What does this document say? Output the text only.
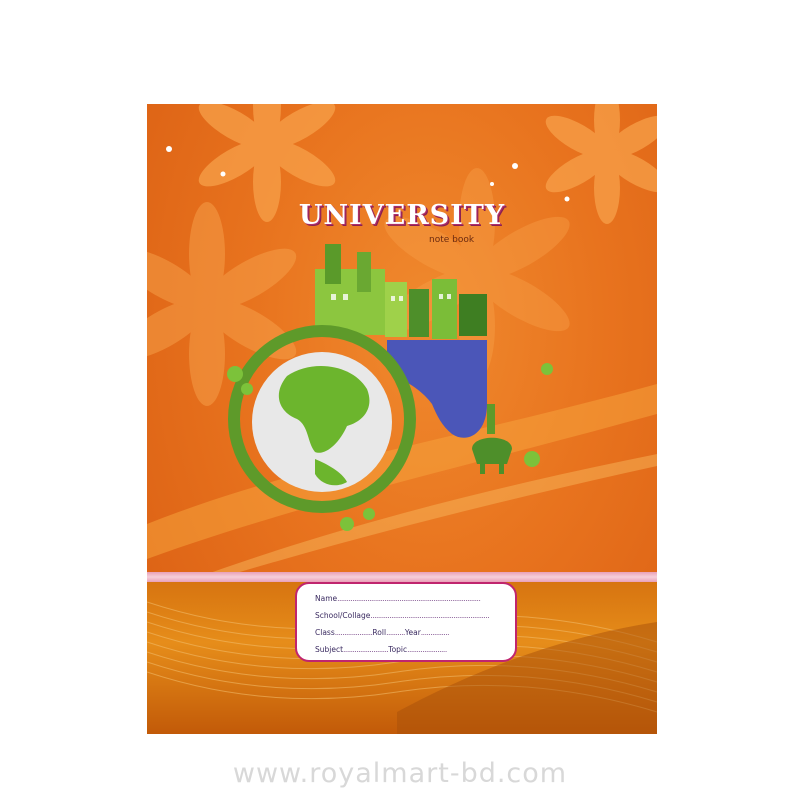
UNIVERSITY
note book
Name............................................................................
School/Collage...............................................................
Class....................Roll..........Year...............
Subject........................Topic.....................
www.royalmart-bd.com
